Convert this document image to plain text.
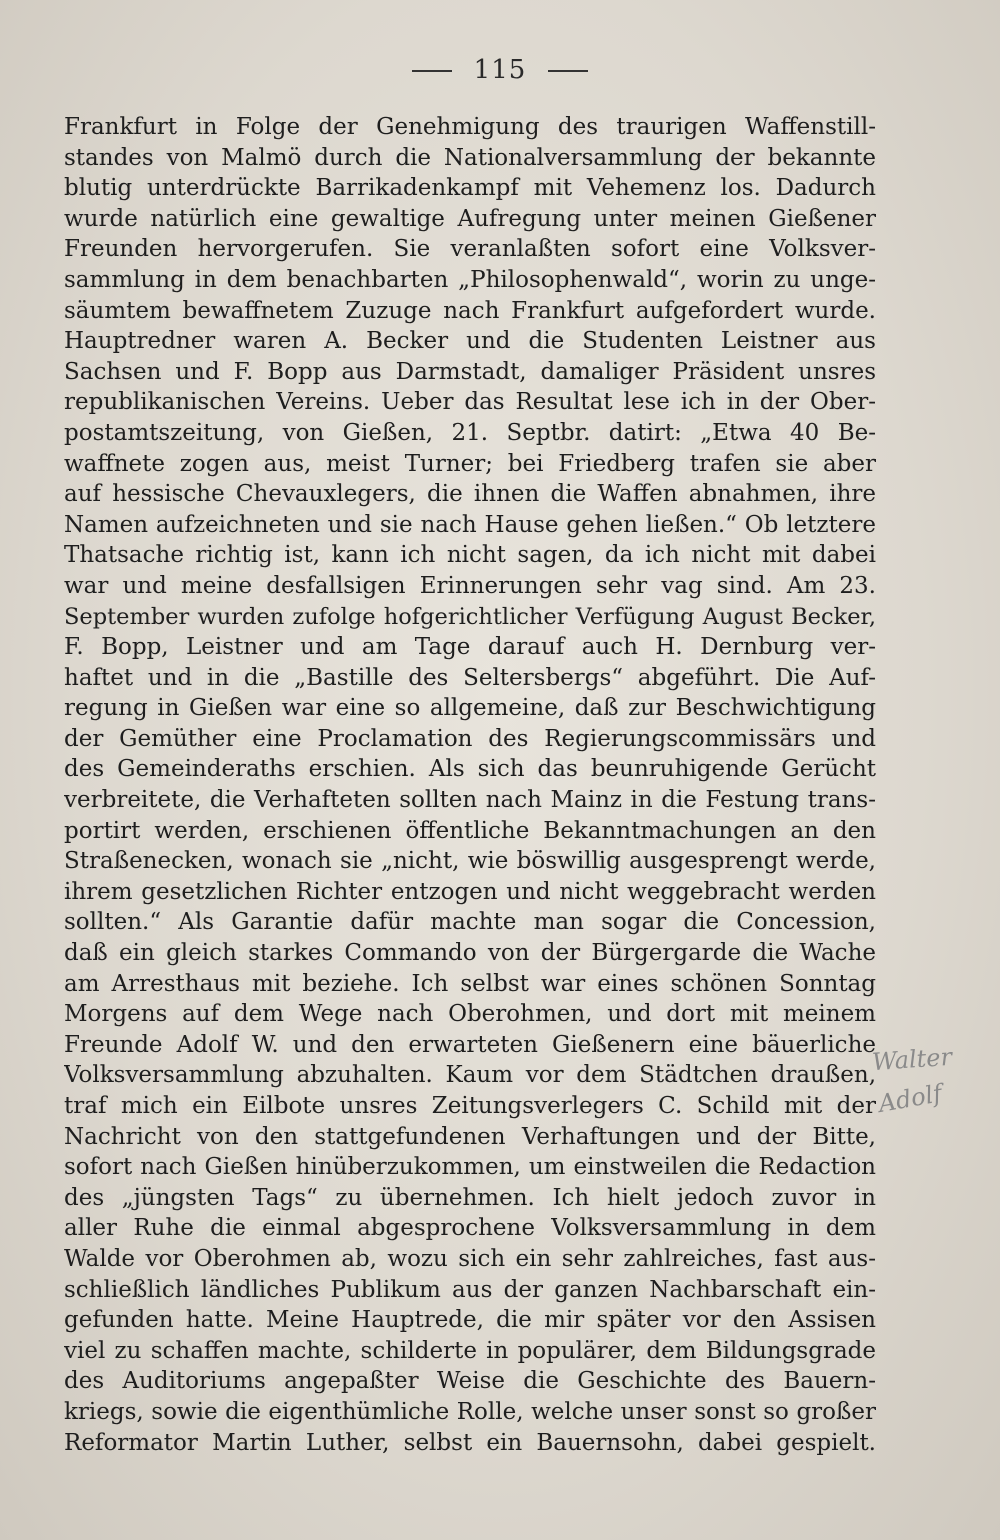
115
Frankfurt in Folge der Genehmigung des traurigen Waffenstill-
standes von Malmö durch die Nationalversammlung der bekannte
blutig unterdrückte Barrikadenkampf mit Vehemenz los. Dadurch
wurde natürlich eine gewaltige Aufregung unter meinen Gießener
Freunden hervorgerufen. Sie veranlaßten sofort eine Volksver-
sammlung in dem benachbarten „Philosophenwald“, worin zu unge-
säumtem bewaffnetem Zuzuge nach Frankfurt aufgefordert wurde.
Hauptredner waren A. Becker und die Studenten Leistner aus
Sachsen und F. Bopp aus Darmstadt, damaliger Präsident unsres
republikanischen Vereins. Ueber das Resultat lese ich in der Ober-
postamtszeitung, von Gießen, 21. Septbr. datirt: „Etwa 40 Be-
waffnete zogen aus, meist Turner; bei Friedberg trafen sie aber
auf hessische Chevauxlegers, die ihnen die Waffen abnahmen, ihre
Namen aufzeichneten und sie nach Hause gehen ließen.“ Ob letztere
Thatsache richtig ist, kann ich nicht sagen, da ich nicht mit dabei
war und meine desfallsigen Erinnerungen sehr vag sind. Am 23.
September wurden zufolge hofgerichtlicher Verfügung August Becker,
F. Bopp, Leistner und am Tage darauf auch H. Dernburg ver-
haftet und in die „Bastille des Seltersbergs“ abgeführt. Die Auf-
regung in Gießen war eine so allgemeine, daß zur Beschwichtigung
der Gemüther eine Proclamation des Regierungscommissärs und
des Gemeinderaths erschien. Als sich das beunruhigende Gerücht
verbreitete, die Verhafteten sollten nach Mainz in die Festung trans-
portirt werden, erschienen öffentliche Bekanntmachungen an den
Straßenecken, wonach sie „nicht, wie böswillig ausgesprengt werde,
ihrem gesetzlichen Richter entzogen und nicht weggebracht werden
sollten.“ Als Garantie dafür machte man sogar die Concession,
daß ein gleich starkes Commando von der Bürgergarde die Wache
am Arresthaus mit beziehe. Ich selbst war eines schönen Sonntag
Morgens auf dem Wege nach Oberohmen, und dort mit meinem
Freunde Adolf W. und den erwarteten Gießenern eine bäuerliche
Volksversammlung abzuhalten. Kaum vor dem Städtchen draußen,
traf mich ein Eilbote unsres Zeitungsverlegers C. Schild mit der
Nachricht von den stattgefundenen Verhaftungen und der Bitte,
sofort nach Gießen hinüberzukommen, um einstweilen die Redaction
des „jüngsten Tags“ zu übernehmen. Ich hielt jedoch zuvor in
aller Ruhe die einmal abgesprochene Volksversammlung in dem
Walde vor Oberohmen ab, wozu sich ein sehr zahlreiches, fast aus-
schließlich ländliches Publikum aus der ganzen Nachbarschaft ein-
gefunden hatte. Meine Hauptrede, die mir später vor den Assisen
viel zu schaffen machte, schilderte in populärer, dem Bildungsgrade
des Auditoriums angepaßter Weise die Geschichte des Bauern-
kriegs, sowie die eigenthümliche Rolle, welche unser sonst so großer
Reformator Martin Luther, selbst ein Bauernsohn, dabei gespielt.
Walter
Adolf
